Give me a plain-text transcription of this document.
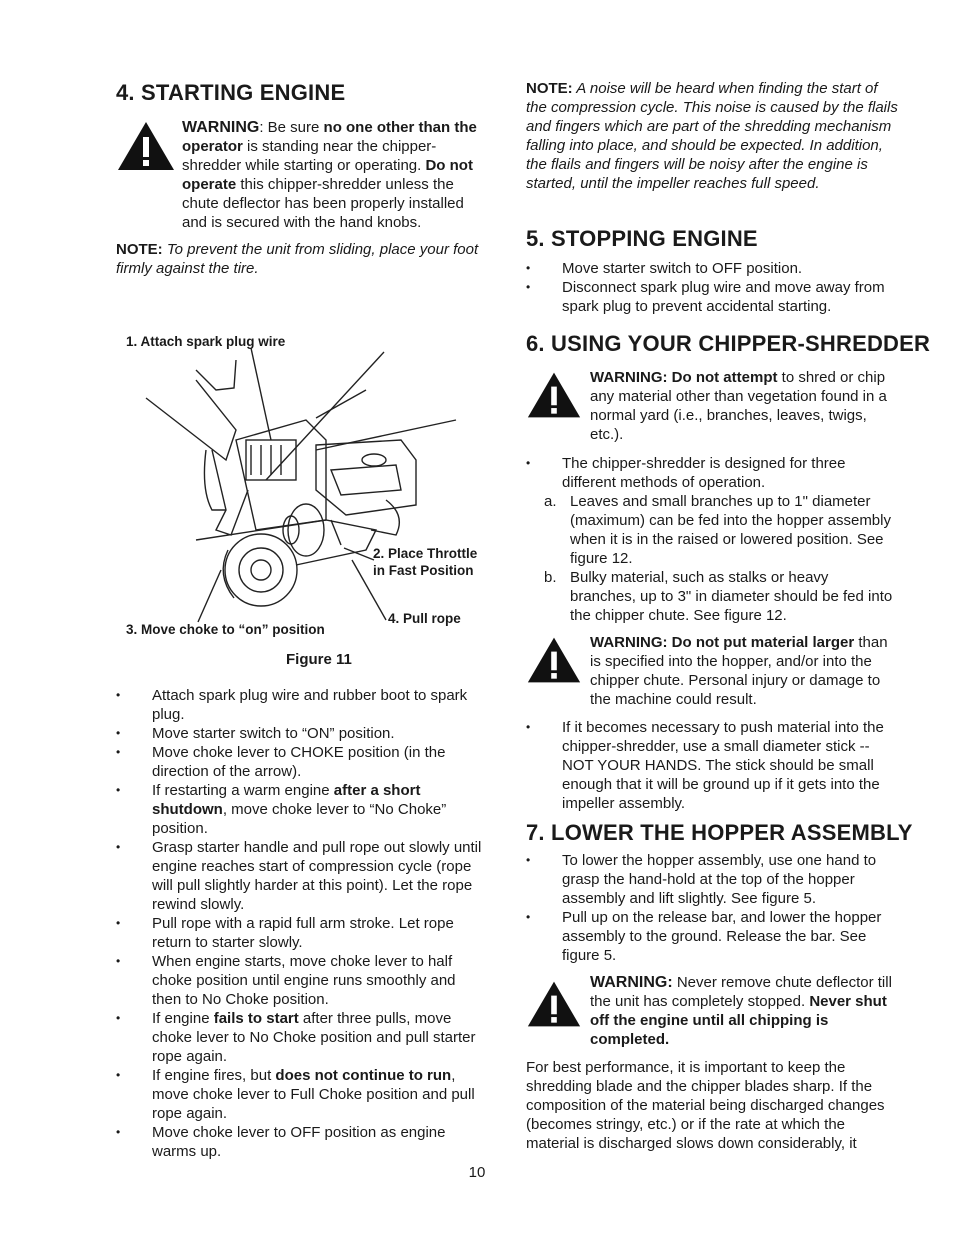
4. STARTING ENGINE
WARNING: Be sure no one other than the operator is standing near the chipper-shredder while starting or operating. Do not operate this chipper-shredder unless the chute deflector has been properly installed and is secured with the hand knobs.
NOTE: To prevent the unit from sliding, place your foot firmly against the tire.
1. Attach spark plug wire
2. Place Throttle
in Fast Position
4. Pull rope
3. Move choke to “on” position
Figure 11
• Attach spark plug wire and rubber boot to spark plug.
• Move starter switch to “ON” position.
• Move choke lever to CHOKE position (in the direction of the arrow).
• If restarting a warm engine after a short shutdown, move choke lever to “No Choke” position.
• Grasp starter handle and pull rope out slowly until engine reaches start of compression cycle (rope will pull slightly harder at this point). Let the rope rewind slowly.
• Pull rope with a rapid full arm stroke. Let rope return to starter slowly.
• When engine starts, move choke lever to half choke position until engine runs smoothly and then to No Choke position.
• If engine fails to start after three pulls, move choke lever to No Choke position and pull starter rope again.
• If engine fires, but does not continue to run, move choke lever to Full Choke position and pull rope again.
• Move choke lever to OFF position as engine warms up.
NOTE: A noise will be heard when finding the start of the compression cycle. This noise is caused by the flails and fingers which are part of the shredding mechanism falling into place, and should be expected. In addition, the flails and fingers will be noisy after the engine is started, until the impeller reaches full speed.
5. STOPPING ENGINE
• Move starter switch to OFF position.
• Disconnect spark plug wire and move away from spark plug to prevent accidental starting.
6. USING YOUR CHIPPER-SHREDDER
WARNING: Do not attempt to shred or chip any material other than vegetation found in a normal yard (i.e., branches, leaves, twigs, etc.).
• The chipper-shredder is designed for three different methods of operation.
a. Leaves and small branches up to 1" diameter (maximum) can be fed into the hopper assembly when it is in the raised or lowered position. See figure 12.
b. Bulky material, such as stalks or heavy branches, up to 3" in diameter should be fed into the chipper chute. See figure 12.
WARNING: Do not put material larger than is specified into the hopper, and/or into the chipper chute. Personal injury or damage to the machine could result.
• If it becomes necessary to push material into the chipper-shredder, use a small diameter stick -- NOT YOUR HANDS. The stick should be small enough that it will be ground up if it gets into the impeller assembly.
7. LOWER THE HOPPER ASSEMBLY
• To lower the hopper assembly, use one hand to grasp the hand-hold at the top of the hopper assembly and lift slightly. See figure 5.
• Pull up on the release bar, and lower the hopper assembly to the ground. Release the bar. See figure 5.
WARNING: Never remove chute deflector till the unit has completely stopped. Never shut off the engine until all chipping is completed.
For best performance, it is important to keep the shredding blade and the chipper blades sharp. If the composition of the material being discharged changes (becomes stringy, etc.) or if the rate at which the material is discharged slows down considerably, it
10
